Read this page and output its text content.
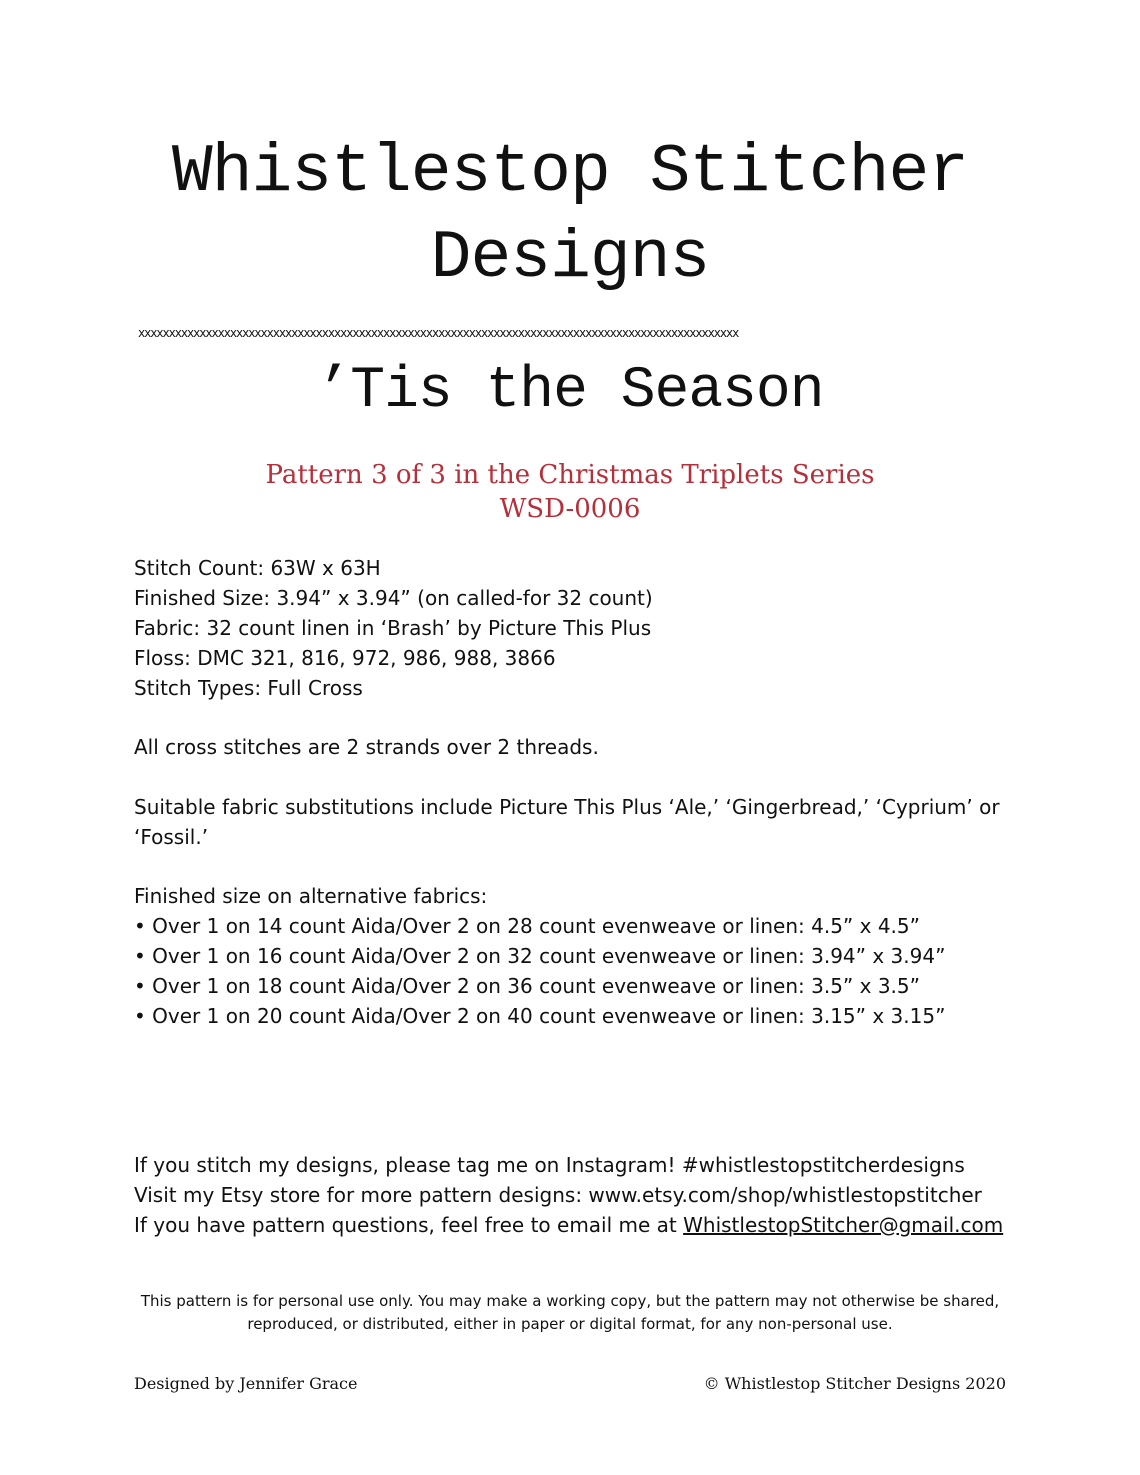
Whistlestop Stitcher
Designs
xxxxxxxxxxxxxxxxxxxxxxxxxxxxxxxxxxxxxxxxxxxxxxxxxxxxxxxxxxxxxxxxxxxxxxxxxxxxxxxxxxxxxxxxxxxxxxxxxx
’Tis the Season
Pattern 3 of 3 in the Christmas Triplets Series
WSD-0006
Stitch Count: 63W x 63H
Finished Size: 3.94” x 3.94” (on called-for 32 count)
Fabric: 32 count linen in ‘Brash’ by Picture This Plus
Floss: DMC 321, 816, 972, 986, 988, 3866
Stitch Types: Full Cross
All cross stitches are 2 strands over 2 threads.
Suitable fabric substitutions include Picture This Plus ‘Ale,’ ‘Gingerbread,’ ‘Cyprium’ or ‘Fossil.’
Finished size on alternative fabrics:
• Over 1 on 14 count Aida/Over 2 on 28 count evenweave or linen: 4.5” x 4.5”
• Over 1 on 16 count Aida/Over 2 on 32 count evenweave or linen: 3.94” x 3.94”
• Over 1 on 18 count Aida/Over 2 on 36 count evenweave or linen: 3.5” x 3.5”
• Over 1 on 20 count Aida/Over 2 on 40 count evenweave or linen: 3.15” x 3.15”
If you stitch my designs, please tag me on Instagram! #whistlestopstitcherdesigns
Visit my Etsy store for more pattern designs: www.etsy.com/shop/whistlestopstitcher
If you have pattern questions, feel free to email me at WhistlestopStitcher@gmail.com
This pattern is for personal use only. You may make a working copy, but the pattern may not otherwise be shared,
reproduced, or distributed, either in paper or digital format, for any non-personal use.
Designed by Jennifer Grace	© Whistlestop Stitcher Designs 2020
